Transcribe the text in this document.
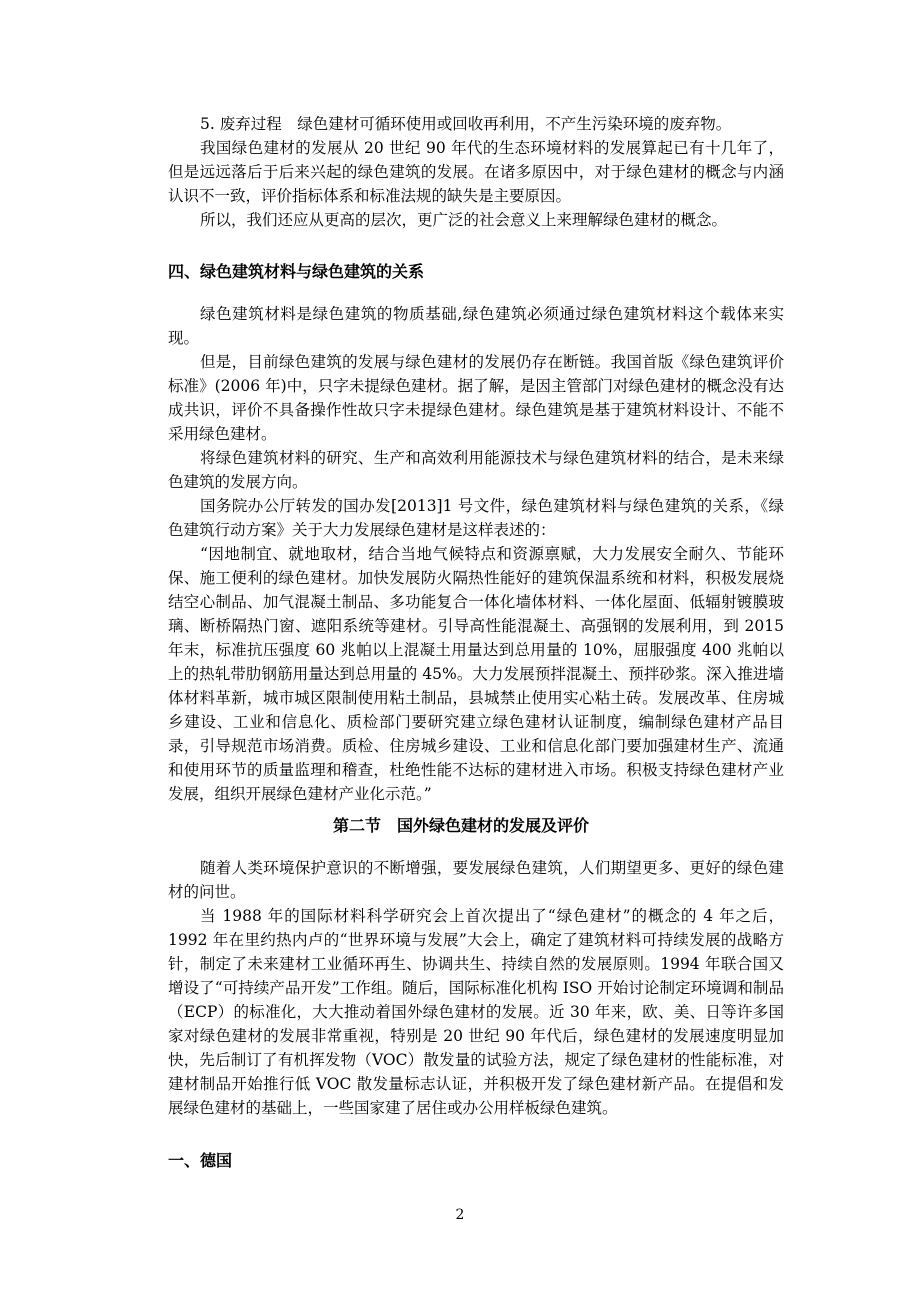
5. 废弃过程　绿色建材可循环使用或回收再利用，不产生污染环境的废弃物。

我国绿色建材的发展从 20 世纪 90 年代的生态环境材料的发展算起已有十几年了，但是远远落后于后来兴起的绿色建筑的发展。在诸多原因中，对于绿色建材的概念与内涵认识不一致，评价指标体系和标准法规的缺失是主要原因。

所以，我们还应从更高的层次，更广泛的社会意义上来理解绿色建材的概念。

四、绿色建筑材料与绿色建筑的关系

绿色建筑材料是绿色建筑的物质基础,绿色建筑必须通过绿色建筑材料这个载体来实现。

但是，目前绿色建筑的发展与绿色建材的发展仍存在断链。我国首版《绿色建筑评价标准》(2006 年)中，只字未提绿色建材。据了解，是因主管部门对绿色建材的概念没有达成共识，评价不具备操作性故只字未提绿色建材。绿色建筑是基于建筑材料设计、不能不采用绿色建材。

将绿色建筑材料的研究、生产和高效利用能源技术与绿色建筑材料的结合，是未来绿色建筑的发展方向。

国务院办公厅转发的国办发[2013]1 号文件，绿色建筑材料与绿色建筑的关系，《绿色建筑行动方案》关于大力发展绿色建材是这样表述的：

“因地制宜、就地取材，结合当地气候特点和资源禀赋，大力发展安全耐久、节能环保、施工便利的绿色建材。加快发展防火隔热性能好的建筑保温系统和材料，积极发展烧结空心制品、加气混凝土制品、多功能复合一体化墙体材料、一体化屋面、低辐射镀膜玻璃、断桥隔热门窗、遮阳系统等建材。引导高性能混凝土、高强钢的发展利用，到 2015 年末，标准抗压强度 60 兆帕以上混凝土用量达到总用量的 10%，屈服强度 400 兆帕以上的热轧带肋钢筋用量达到总用量的 45%。大力发展预拌混凝土、预拌砂浆。深入推进墙体材料革新，城市城区限制使用粘土制品，县城禁止使用实心粘土砖。发展改革、住房城乡建设、工业和信息化、质检部门要研究建立绿色建材认证制度，编制绿色建材产品目录，引导规范市场消费。质检、住房城乡建设、工业和信息化部门要加强建材生产、流通和使用环节的质量监理和稽查，杜绝性能不达标的建材进入市场。积极支持绿色建材产业发展，组织开展绿色建材产业化示范。”

第二节　国外绿色建材的发展及评价

随着人类环境保护意识的不断增强，要发展绿色建筑，人们期望更多、更好的绿色建材的问世。

当 1988 年的国际材料科学研究会上首次提出了“绿色建材”的概念的 4 年之后，1992 年在里约热内卢的“世界环境与发展”大会上，确定了建筑材料可持续发展的战略方针，制定了未来建材工业循环再生、协调共生、持续自然的发展原则。1994 年联合国又增设了“可持续产品开发”工作组。随后，国际标准化机构 ISO 开始讨论制定环境调和制品（ECP）的标准化，大大推动着国外绿色建材的发展。近 30 年来，欧、美、日等许多国家对绿色建材的发展非常重视，特别是 20 世纪 90 年代后，绿色建材的发展速度明显加快，先后制订了有机挥发物（VOC）散发量的试验方法，规定了绿色建材的性能标准，对建材制品开始推行低 VOC 散发量标志认证，并积极开发了绿色建材新产品。在提倡和发展绿色建材的基础上，一些国家建了居住或办公用样板绿色建筑。

一、德国
2
